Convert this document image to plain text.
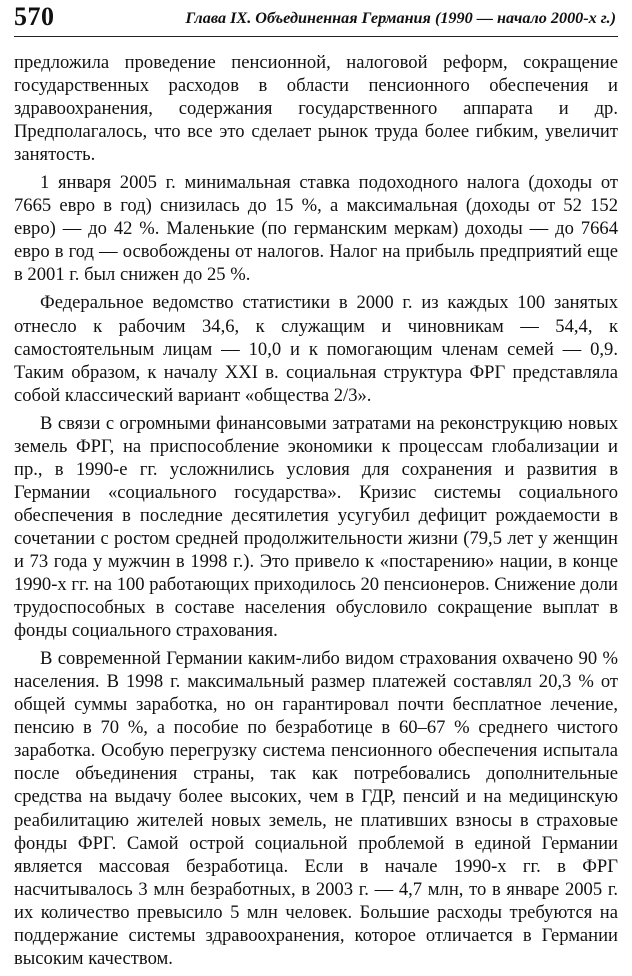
570	Глава IX. Объединенная Германия (1990 — начало 2000-х г.)

предложила проведение пенсионной, налоговой реформ, сокращение государственных расходов в области пенсионного обеспечения и здравоохранения, содержания государственного аппарата и др. Предполагалось, что все это сделает рынок труда более гибким, увеличит занятость.

1 января 2005 г. минимальная ставка подоходного налога (доходы от 7665 евро в год) снизилась до 15 %, а максимальная (доходы от 52 152 евро) — до 42 %. Маленькие (по германским меркам) доходы — до 7664 евро в год — освобождены от налогов. Налог на прибыль предприятий еще в 2001 г. был снижен до 25 %.

Федеральное ведомство статистики в 2000 г. из каждых 100 занятых отнесло к рабочим 34,6, к служащим и чиновникам — 54,4, к самостоятельным лицам — 10,0 и к помогающим членам семей — 0,9. Таким образом, к началу XXI в. социальная структура ФРГ представляла собой классический вариант «общества 2/3».

В связи с огромными финансовыми затратами на реконструкцию новых земель ФРГ, на приспособление экономики к процессам глобализации и пр., в 1990-е гг. усложнились условия для сохранения и развития в Германии «социального государства». Кризис системы социального обеспечения в последние десятилетия усугубил дефицит рождаемости в сочетании с ростом средней продолжительности жизни (79,5 лет у женщин и 73 года у мужчин в 1998 г.). Это привело к «постарению» нации, в конце 1990-х гг. на 100 работающих приходилось 20 пенсионеров. Снижение доли трудоспособных в составе населения обусловило сокращение выплат в фонды социального страхования.

В современной Германии каким-либо видом страхования охвачено 90 % населения. В 1998 г. максимальный размер платежей составлял 20,3 % от общей суммы заработка, но он гарантировал почти бесплатное лечение, пенсию в 70 %, а пособие по безработице в 60–67 % среднего чистого заработка. Особую перегрузку система пенсионного обеспечения испытала после объединения страны, так как потребовались дополнительные средства на выдачу более высоких, чем в ГДР, пенсий и на медицинскую реабилитацию жителей новых земель, не плативших взносы в страховые фонды ФРГ. Самой острой социальной проблемой в единой Германии является массовая безработица. Если в начале 1990-х гг. в ФРГ насчитывалось 3 млн безработных, в 2003 г. — 4,7 млн, то в январе 2005 г. их количество превысило 5 млн человек. Большие расходы требуются на поддержание системы здравоохранения, которое отличается в Германии высоким качеством.
